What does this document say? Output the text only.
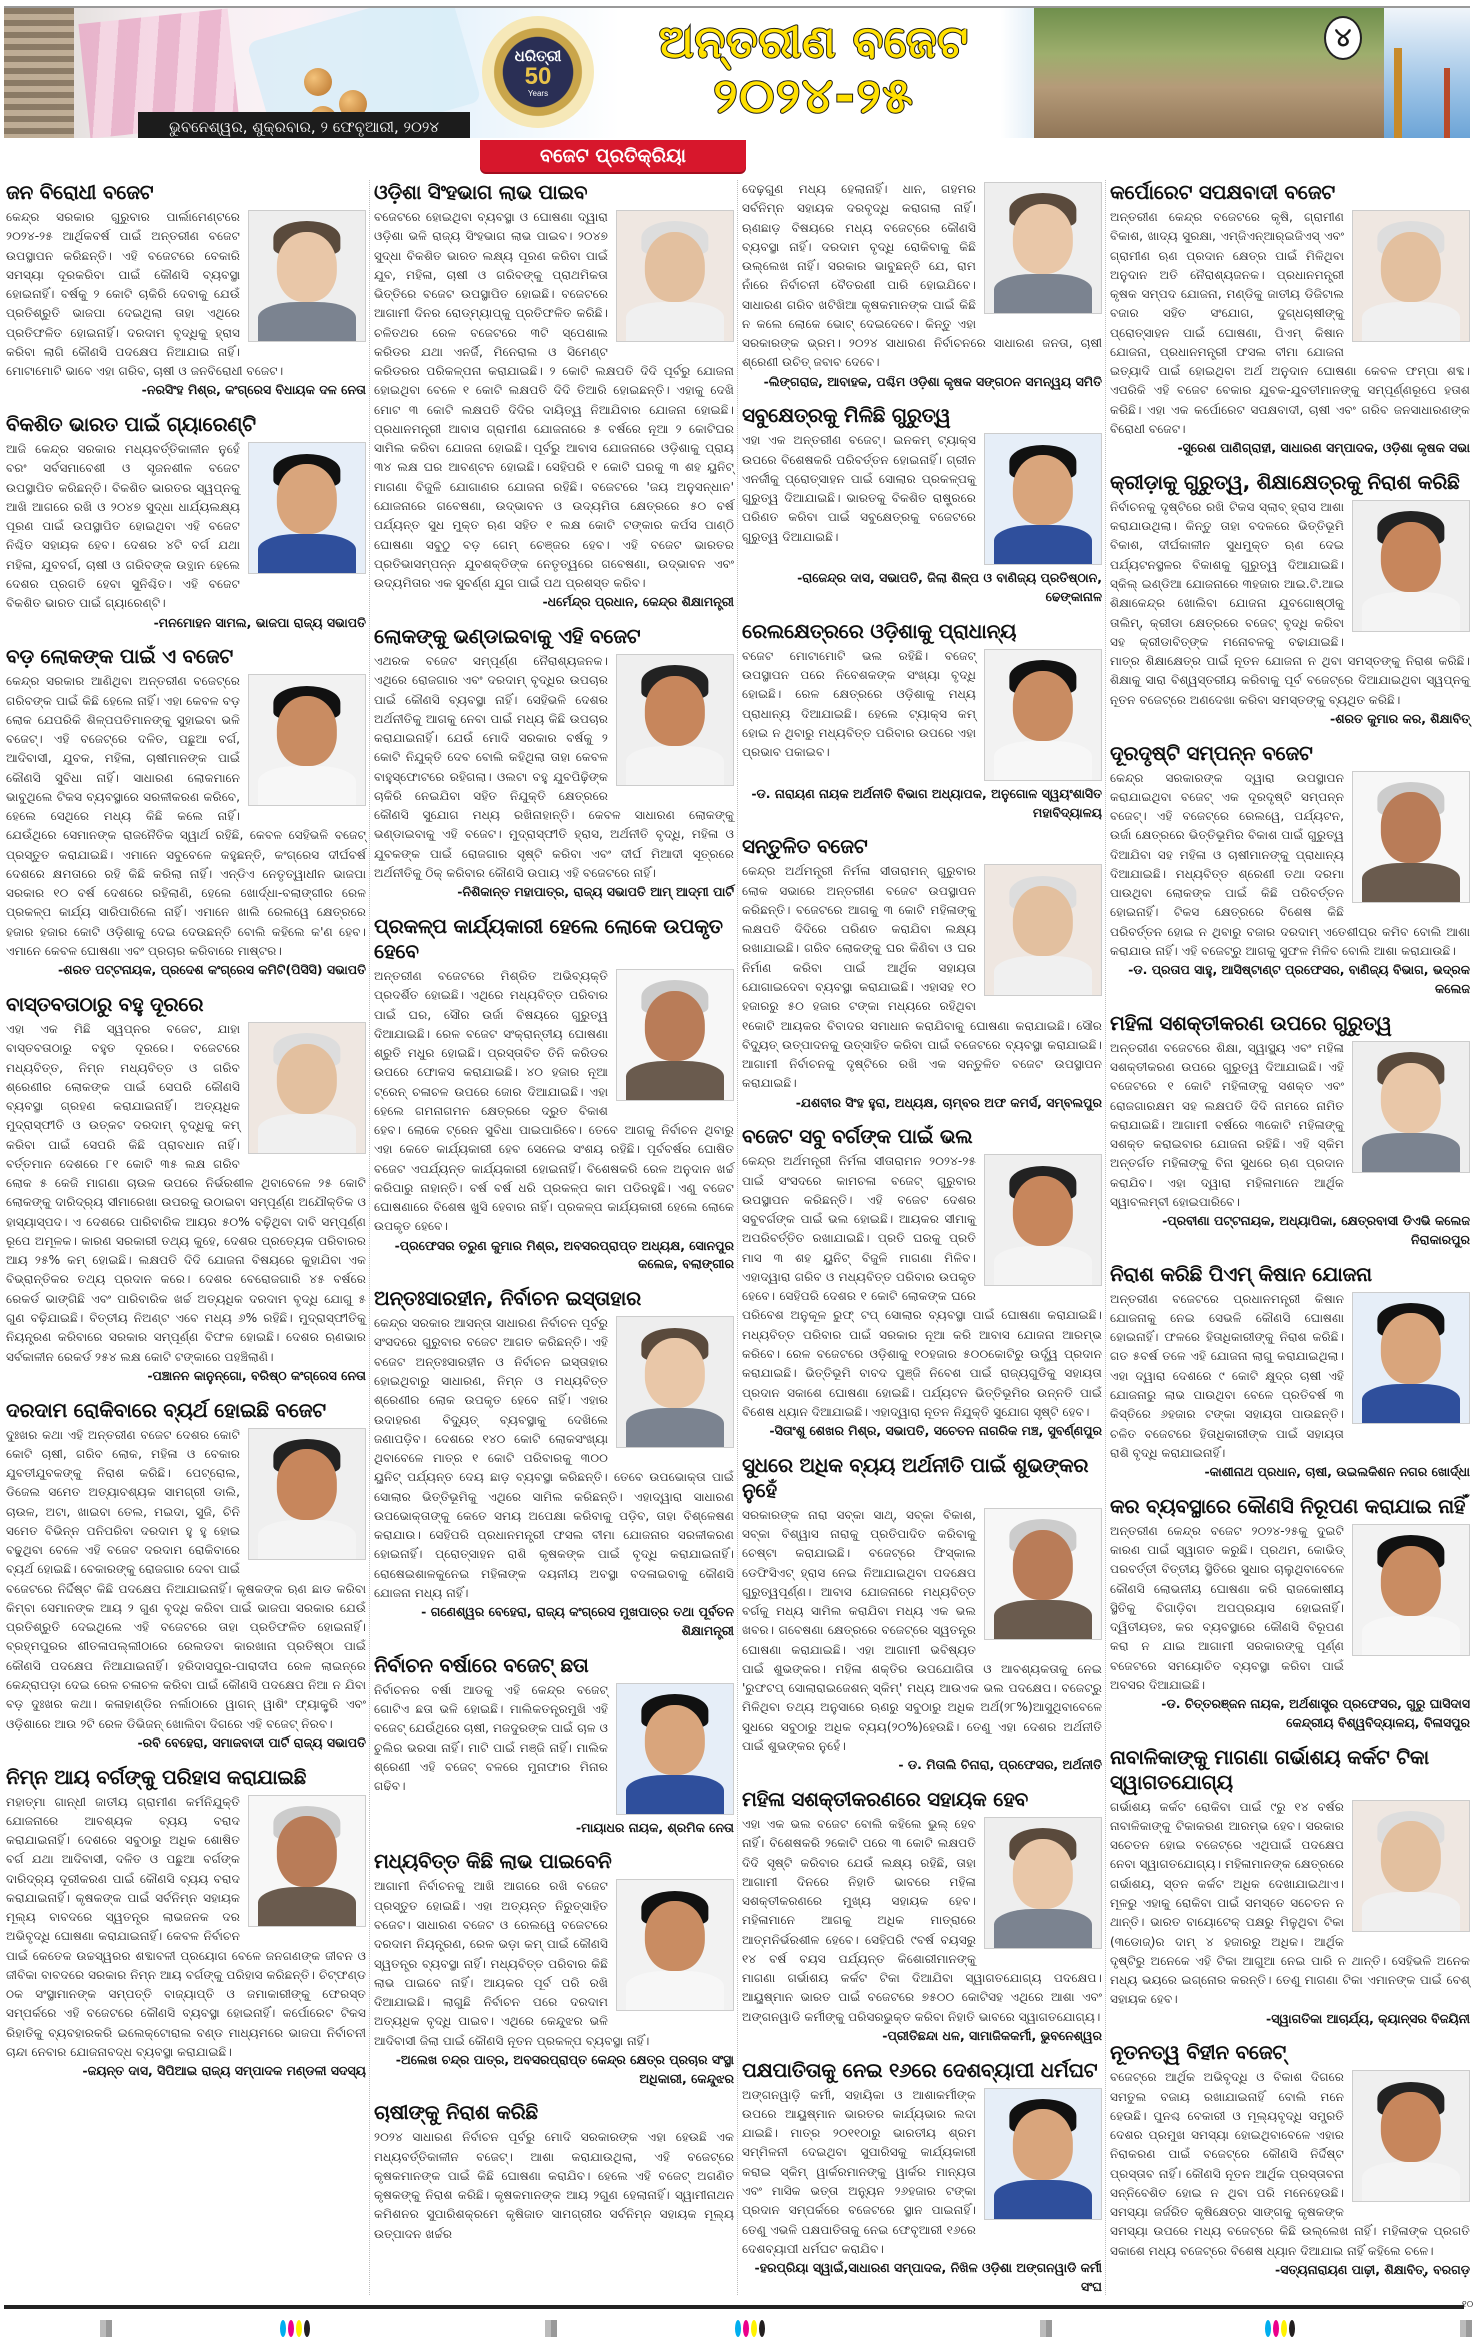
ଧରିତ୍ରୀ
50
Years
ଅନ୍ତରୀଣ ବଜେଟ
୨୦୨୪-୨୫
୪
ଭୁବନେଶ୍ୱର, ଶୁକ୍ରବାର, ୨ ଫେବୃଆରୀ, ୨୦୨୪
ବଜେଟ ପ୍ରତିକ୍ରିୟା
ଜନ ବିରୋଧୀ ବଜେଟ

କେନ୍ଦ୍ର ସରକାର ଗୁରୁବାର ପାର୍ଲାମେଣ୍ଟରେ ୨୦୨୪-୨୫ ଆର୍ଥିକବର୍ଷ ପାଇଁ ଅନ୍ତରୀଣ ବଜେଟ ଉପସ୍ଥାପନ କରିଛନ୍ତି। ଏହି ବଜେଟରେ ବେକାରି ସମସ୍ୟା ଦୂରକରିବା ପାଇଁ କୌଣସି ବ୍ୟବସ୍ଥା ହୋଇନାହିଁ। ବର୍ଷକୁ ୨ କୋଟି ଚାକିରି ଦେବାକୁ ଯେଉଁ ପ୍ରତିଶ୍ରୁତି ଭାଜପା ଦେଇଥିଲା ତାହା ଏଥିରେ ପ୍ରତିଫଳିତ ହୋଇନାହିଁ। ଦରଦାମ ବୃଦ୍ଧିକୁ ହ୍ରାସ କରିବା ଲାଗି କୌଣସି ପଦକ୍ଷେପ ନିଆଯାଇ ନାହିଁ। ମୋଟାମୋଟି ଭାବେ ଏହା ଗରିବ, ଚାଷୀ ଓ ଜନବିରୋଧୀ ବଜେଟ।

-ନରସିଂହ ମିଶ୍ର, କଂଗ୍ରେସ ବିଧାୟକ ଦଳ ନେତା
ବିକଶିତ ଭାରତ ପାଇଁ ଗ୍ୟାରେଣ୍ଟି

ଆଜି କେନ୍ଦ୍ର ସରକାର ମଧ୍ୟବର୍ତ୍ତିକାଳୀନ ନୁହେଁ ବରଂ ସର୍ବସମାବେଶୀ ଓ ସୃଜନଶୀଳ ବଜେଟ ଉପସ୍ଥାପିତ କରିଛନ୍ତି। ବିକଶିତ ଭାରତର ସ୍ୱପ୍ନକୁ ଆଖି ଆଗରେ ରଖି ଓ ୨୦୪୭ ସୁଦ୍ଧା ଧାର୍ଯ୍ୟଲକ୍ଷ୍ୟ ପୂରଣ ପାଇଁ ଉପସ୍ଥାପିତ ହୋଇଥିବା ଏହି ବଜେଟ ନିଶ୍ଚିତ ସହାୟକ ହେବ। ଦେଶର ୪ଟି ବର୍ଗ ଯଥା ମହିଳା, ଯୁବବର୍ଗ, ଚାଷୀ ଓ ଗରିବଙ୍କ ଉତ୍ଥାନ ହେଲେ ଦେଶର ପ୍ରଗତି ହେବା ସୁନିଶ୍ଚିତ। ଏହି ବଜେଟ ବିକଶିତ ଭାରତ ପାଇଁ ଗ୍ୟାରେଣ୍ଟି।

-ମନମୋହନ ସାମଲ, ଭାଜପା ରାଜ୍ୟ ସଭାପତି
ବଡ଼ ଲୋକଙ୍କ ପାଇଁ ଏ ବଜେଟ

କେନ୍ଦ୍ର ସରକାର ଆଣିଥିବା ଅନ୍ତରୀଣ ବଜେଟ୍‌ରେ ଗରିବଙ୍କ ପାଇଁ କିଛି ହେଲେ ନାହିଁ। ଏହା କେବଳ ବଡ଼ ଲୋକ ଯେପରିକି ଶିଳ୍ପପତିମାନଙ୍କୁ ସୁହାଇବା ଭଳି ବଜେଟ୍। ଏହି ବଜେଟ୍‌ରେ ଦଳିତ, ପଛୁଆ ବର୍ଗ, ଆଦିବାସୀ, ଯୁବକ, ମହିଳା, ଚାଷୀମାନଙ୍କ ପାଇଁ କୌଣସି ସୁବିଧା ନାହିଁ। ସାଧାରଣ ଲୋକମାନେ ଭାବୁଥିଲେ ଟିକସ ବ୍ୟବସ୍ଥାରେ ସରଳୀକରଣ କରିବେ, ହେଲେ ସେଥିରେ ମଧ୍ୟ କିଛି କଲେ ନାହିଁ। ଯେଉଁଥିରେ ସେମାନଙ୍କ ରାଜନୈତିକ ସ୍ୱାର୍ଥ ରହିଛି, କେବଳ ସେହିଭଳି ବଜେଟ୍ ପ୍ରସ୍ତୁତ କରାଯାଇଛି। ଏମାନେ ସବୁବେଳେ କହୁଛନ୍ତି, କଂଗ୍ରେସ ଦୀର୍ଘବର୍ଷ ଦେଶରେ କ୍ଷମତାରେ ରହି କିଛି କରିଲା ନାହିଁ। ଏନ୍‌ଡିଏ ନେତୃତ୍ୱାଧୀନ ଭାଜପା ସରକାର ୧୦ ବର୍ଷ ଦେଶରେ ରହିଲାଣି, ହେଲେ ଖୋର୍ଦ୍ଧା-ବଲାଙ୍ଗୀର ରେଳ ପ୍ରକଳ୍ପ କାର୍ଯ୍ୟ ସାରିପାରିଲେ ନାହିଁ। ଏମାନେ ଖାଲି ରେଲୱେ କ୍ଷେତ୍ରରେ ହଜାର ହଜାର କୋଟି ଓଡ଼ିଶାକୁ ଦେଇ ଦେଉଛନ୍ତି ବୋଲି କହିଲେ କ'ଣ ହେବ। ଏମାନେ କେବଳ ଘୋଷଣା ଏବଂ ପ୍ରଚାର କରିବାରେ ମାଷ୍ଟର।

-ଶରତ ପଟ୍ଟନାୟକ, ପ୍ରଦେଶ କଂଗ୍ରେସ କମିଟି(ପିସିସି) ସଭାପତି
ବାସ୍ତବତାଠାରୁ ବହୁ ଦୂରରେ

ଏହା ଏକ ମିଛି ସ୍ୱପ୍ନର ବଜେଟ, ଯାହା ବାସ୍ତବତାଠାରୁ ବହୁତ ଦୂରରେ। ବଜେଟରେ ମଧ୍ୟବିତ୍ତ, ନିମ୍ନ ମଧ୍ୟବିତ୍ତ ଓ ଗରିବ ଶ୍ରେଣୀର ଲୋକଙ୍କ ପାଇଁ ସେପରି କୌଣସି ବ୍ୟବସ୍ଥା ଗ୍ରହଣ କରାଯାଇନାହିଁ। ଅତ୍ୟଧିକ ମୁଦ୍ରାସ୍ଫୀତି ଓ ଉତ୍କଟ ଦରଦାମ୍ ବୃଦ୍ଧିକୁ କମ୍ କରିବା ପାଇଁ ସେପରି କିଛି ପ୍ରାବଧାନ ନାହିଁ। ବର୍ତ୍ତମାନ ଦେଶରେ ୮୧ କୋଟି ୩୫ ଲକ୍ଷ ଗରିବ ଲୋକ ୫ କେଜି ମାଗଣା ଚାଉଳ ଉପରେ ନିର୍ଭରଶୀଳ ଥିବାବେଳେ ୨୫ କୋଟି ଲୋକଙ୍କୁ ଦାରିଦ୍ର୍ୟ ସୀମାରେଖା ଉପରକୁ ଉଠାଇବା ସମ୍ପୂର୍ଣ୍ଣ ଅଯୌକ୍ତିକ ଓ ହାସ୍ୟାସ୍ପଦ। ଏ ଦେଶରେ ପାରିବାରିକ ଆୟର ୫୦% ବଢ଼ିଥିବା ଦାବି ସମ୍ପୂର୍ଣ୍ଣ ରୂପେ ଅମୂଳକ। କାରଣ ସରକାରୀ ତଥ୍ୟ କୁହେ, ଦେଶର ପ୍ରତ୍ୟେକ ପରିବାରର ଆୟ ୨୫% କମ୍ ହୋଇଛି। ଲକ୍ଷପତି ଦିଦି ଯୋଜନା ବିଷୟରେ କୁହାଯିବା ଏକ ବିଭ୍ରାନ୍ତିକର ତଥ୍ୟ ପ୍ରଦାନ କରେ। ଦେଶର ବେରୋଜଗାରି ୪୫ ବର୍ଷରେ ରେକର୍ଡ ଭାଙ୍ଗିଛି ଏବଂ ପାରିବାରିକ ଖର୍ଚ୍ଚ ଅତ୍ୟଧିକ ଦରଦାମ ବୃଦ୍ଧି ଯୋଗୁ ୫ ଗୁଣ ବଢ଼ିଯାଇଛି। ବିତ୍ତୀୟ ନିଅଣ୍ଟ ଏବେ ମଧ୍ୟ ୬% ରହିଛି। ମୁଦ୍ରାସ୍ଫୀତିକୁ ନିୟନ୍ତ୍ରଣ କରିବାରେ ସରକାର ସମ୍ପୂର୍ଣ୍ଣ ବିଫଳ ହୋଇଛି। ଦେଶର ଋଣଭାର ସର୍ବକାଳୀନ ରେକର୍ଡ ୨୫୪ ଲକ୍ଷ କୋଟି ଟଙ୍କାରେ ପହଞ୍ଚିଲାଣି।

-ପଞ୍ଚାନନ କାନୁନ୍‌ଗୋ, ବରିଷ୍ଠ କଂଗ୍ରେସ ନେତା
ଦରଦାମ ରୋକିବାରେ ବ୍ୟର୍ଥ ହୋଇଛି ବଜେଟ

ଦୁଃଖର କଥା ଏହି ଅନ୍ତରୀଣ ବଜେଟ ଦେଶର କୋଟି କୋଟି ଚାଷୀ, ଗରିବ ଲୋକ, ମହିଳା ଓ ବେକାର ଯୁବତୀଯୁବକଙ୍କୁ ନିରାଶ କରିଛି। ପେଟ୍ରୋଲ, ଡିଜେଲ ସମେତ ଅତ୍ୟାବଶ୍ୟକ ସାମଗ୍ରୀ ଡାଲି, ଚାଉଳ, ଅଟା, ଖାଇବା ତେଲ, ମଇଦା, ସୁଜି, ଚିନି ସମେତ ବିଭିନ୍ନ ପନିପରିବା ଦରଦାମ ହୁ ହୁ ହୋଇ ବଢୁଥିବା ବେଳେ ଏହି ବଜେଟ ଦରଦାମ ରୋକିବାରେ ବ୍ୟର୍ଥ ହୋଇଛି। ବେକାରଙ୍କୁ ରୋଜଗାର ଦେବା ପାଇଁ ବଜେଟରେ ନିର୍ଦ୍ଦିଷ୍ଟ କିଛି ପଦକ୍ଷେପ ନିଆଯାଇନାହିଁ। କୃଷକଙ୍କ ଋଣ ଛାଡ କରିବା କିମ୍ବା ସେମାନଙ୍କ ଆୟ ୨ ଗୁଣ ବୃଦ୍ଧି କରିବା ପାଇଁ ଭାଜପା ସରକାର ଯେଉଁ ପ୍ରତିଶ୍ରୁତି ଦେଇଥିଲେ ଏହି ବଜେଟରେ ତାହା ପ୍ରତିଫଳିତ ହୋଇନାହିଁ। ବ୍ରହ୍ମପୁରର ଶୀତଳାପଲ୍ଲୀଠାରେ ରେଲଡବା କାରଖାନା ପ୍ରତିଷ୍ଠା ପାଇଁ କୌଣସି ପଦକ୍ଷେପ ନିଆଯାଇନାହିଁ। ହରିଦାସପୁର-ପାରାଦୀପ ରେଳ ଲାଇନ୍‌ରେ କେନ୍ଦ୍ରାପଡ଼ା ଦେଇ ରେଳ ଚଳାଚଳ କରିବା ପାଇଁ କୌଣସି ପଦକ୍ଷେପ ନିଆ ନ ଯିବା ବଡ଼ ଦୁଃଖର କଥା। କଳାହାଣ୍ଡିର ନର୍ଲାଠାରେ ୱାଗନ୍ ୱାଶିଂ ଫ୍ୟାକ୍ଟ୍ରି ଏବଂ ଓଡ଼ିଶାରେ ଆଉ ୨ଟି ରେଳ ଡିଭିଜନ୍ ଖୋଲିବା ଦିଗରେ ଏହି ବଜେଟ୍ ନିରବ।

-ରବି ବେହେରା, ସମାଜବାଦୀ ପାର୍ଟି ରାଜ୍ୟ ସଭାପତି
ନିମ୍ନ ଆୟ ବର୍ଗଙ୍କୁ ପରିହାସ କରାଯାଇଛି

ମହାତ୍ମା ଗାନ୍ଧୀ ଜାତୀୟ ଗ୍ରାମୀଣ କର୍ମନିଯୁକ୍ତି ଯୋଜନାରେ ଆବଶ୍ୟକ ବ୍ୟୟ ବରାଦ କରାଯାଇନାହିଁ। ଦେଶରେ ସବୁଠାରୁ ଅଧିକ ଶୋଷିତ ବର୍ଗ ଯଥା ଆଦିବାସୀ, ଦଳିତ ଓ ପଛୁଆ ବର୍ଗଙ୍କ ଦାରିଦ୍ର୍ୟ ଦୂରୀକରଣ ପାଇଁ କୌଣସି ବ୍ୟୟ ବରାଦ କରାଯାଇନାହିଁ। କୃଷକଙ୍କ ପାଇଁ ସର୍ବନିମ୍ନ ସହାୟକ ମୂଲ୍ୟ ବାବଦରେ ସ୍ୱତନ୍ତ୍ର ଲାଭଜନକ ଦର ଅଭିବୃଦ୍ଧି ଘୋଷଣା କରାଯାଇନାହିଁ। କେବଳ ନିର୍ବାଚନ ପାଇଁ କେତେକ ଉଚ୍ଚସ୍ୱରର ଶବ୍ଦାବଳୀ ପ୍ରୟୋଗ ବେଳେ ଜନଗଣଙ୍କ ଜୀବନ ଓ ଜୀବିକା ବାବଦରେ ସରକାର ନିମ୍ନ ଆୟ ବର୍ଗଙ୍କୁ ପରିହାସ କରିଛନ୍ତି। ଚିଟ୍‌ଫଣ୍ଡ ଠକ ସଂସ୍ଥାମାନଙ୍କ ସମ୍ପତ୍ତି ବାଜ୍ୟାପ୍ତି ଓ ଜମାକାରୀଙ୍କୁ ଫେରସ୍ତ ସମ୍ପର୍କରେ ଏହି ବଜେଟରେ କୌଣସି ବ୍ୟବସ୍ଥା ହୋଇନାହିଁ। କର୍ପୋରେଟ ଟିକସ ରିହାତିକୁ ବ୍ୟବହାରକରି ଇଲେକ୍ଟୋରାଲ ବଣ୍ଡ ମାଧ୍ୟମରେ ଭାଜପା ନିର୍ବାଚନୀ ଚାନ୍ଦା ନେବାର ଯୋଜନାବଦ୍ଧ ବ୍ୟବସ୍ଥା କରାଯାଇଛି।

-ଜୟନ୍ତ ଦାସ, ସିପିଆଇ ରାଜ୍ୟ ସମ୍ପାଦକ ମଣ୍ଡଳୀ ସଦସ୍ୟ
ଓଡ଼ିଶା ସିଂହଭାଗ ଲାଭ ପାଇବ

ବଜେଟରେ ହୋଇଥିବା ବ୍ୟବସ୍ଥା ଓ ଘୋଷଣା ଦ୍ୱାରା ଓଡ଼ିଶା ଭଳି ରାଜ୍ୟ ସିଂହଭାଗ ଲାଭ ପାଇବ। ୨୦୪୭ ସୁଦ୍ଧା ବିକଶିତ ଭାରତ ଲକ୍ଷ୍ୟ ପୂରଣ କରିବା ପାଇଁ ଯୁବ, ମହିଳା, ଚାଷୀ ଓ ଗରିବଙ୍କୁ ପ୍ରାଥମିକତା ଭିତ୍ତିରେ ବଜେଟ ଉପସ୍ଥାପିତ ହୋଇଛି। ବଜେଟରେ ଆଗାମୀ ଦିନର ରୋଡ୍‌ମ୍ୟାପ୍‌କୁ ପ୍ରତିଫଳିତ କରିଛି। ଚଳିତଥର ରେଳ ବଜେଟରେ ୩ଟି ସ୍ପେଶାଲ କରିଡର ଯଥା ଏନର୍ଜି, ମିନେରାଲ ଓ ସିମେଣ୍ଟ କରିଡରର ପରିକଳ୍ପନା କରାଯାଇଛି। ୨ କୋଟି ଲକ୍ଷପତି ଦିଦି ପୂର୍ବରୁ ଯୋଜନା ହୋଇଥିବା ବେଳେ ୧ କୋଟି ଲକ୍ଷପତି ଦିଦି ତିଆରି ହୋଇଛନ୍ତି। ଏହାକୁ ଦେଖି ମୋଟ ୩ କୋଟି ଲକ୍ଷପତି ଦିଦିର ଦାୟିତ୍ୱ ନିଆଯିବାର ଯୋଜନା ହୋଇଛି। ପ୍ରଧାନମନ୍ତ୍ରୀ ଆବାସ ଗ୍ରାମୀଣ ଯୋଜନାରେ ୫ ବର୍ଷରେ ନୂଆ ୨ କୋଟିଘର ସାମିଲ କରିବା ଯୋଜନା ହୋଇଛି। ପୂର୍ବରୁ ଆବାସ ଯୋଜନାରେ ଓଡ଼ିଶାକୁ ପ୍ରାୟ ୩୪ ଲକ୍ଷ ଘର ଆବଣ୍ଟନ ହୋଇଛି। ସେହିପରି ୧ କୋଟି ଘରକୁ ୩ ଶହ ୟୁନିଟ୍ ମାଗଣା ବିଜୁଳି ଯୋଗାଣର ଯୋଜନା ରହିଛି। ବଜେଟରେ 'ଜୟ ଅନୁସନ୍ଧାନ' ଯୋଜନାରେ ଗବେଷଣା, ଉଦ୍ଭାବନ ଓ ଉଦ୍ୟମିତା କ୍ଷେତ୍ରରେ ୫୦ ବର୍ଷ ପର୍ଯ୍ୟନ୍ତ ସୁଧ ମୁକ୍ତ ଋଣ ସହିତ ୧ ଲକ୍ଷ କୋଟି ଟଙ୍କାର କର୍ପସ ପାଣ୍ଠି ଘୋଷଣା ସବୁଠୁ ବଡ଼ ଗେମ୍ ଚେଞ୍ଜର ହେବ। ଏହି ବଜେଟ ଭାରତର ପ୍ରତିଭାସମ୍ପନ୍ନ ଯୁବଶକ୍ତିଙ୍କ ନେତୃତ୍ୱରେ ଗବେଷଣା, ଉଦ୍ଭାବନ ଏବଂ ଉଦ୍ୟମିତାର ଏକ ସୁବର୍ଣ୍ଣ ଯୁଗ ପାଇଁ ପଥ ପ୍ରଶସ୍ତ କରିବ।

-ଧର୍ମେନ୍ଦ୍ର ପ୍ରଧାନ, କେନ୍ଦ୍ର ଶିକ୍ଷାମନ୍ତ୍ରୀ
ଲୋକଙ୍କୁ ଭଣ୍ଡାଇବାକୁ ଏହି ବଜେଟ

ଏଥରକ ବଜେଟ ସମ୍ପୂର୍ଣ୍ଣ ନୈରାଶ୍ୟଜନକ। ଏଥିରେ ରୋଜଗାର ଏବଂ ଦରଦାମ୍ ବୃଦ୍ଧିର ଉପଚାର ପାଇଁ କୌଣସି ବ୍ୟବସ୍ଥା ନାହିଁ। ସେହିଭଳି ଦେଶର ଅର୍ଥନୀତିକୁ ଆଗକୁ ନେବା ପାଇଁ ମଧ୍ୟ କିଛି ଉପଚାର କରାଯାଇନାହିଁ। ଯେଉଁ ମୋଦି ସରକାର ବର୍ଷକୁ ୨ କୋଟି ନିଯୁକ୍ତି ଦେବ ବୋଲି କହିଥିଲା ତାହା କେବଳ ବାହୁସ୍ଫୋଟରେ ରହିଗଲା। ଓଲଟା ବହୁ ଯୁବପିଢ଼ିଙ୍କ ଚାକିରି ନେଇଯିବା ସହିତ ନିଯୁକ୍ତି କ୍ଷେତ୍ରରେ କୌଣସି ସୁଯୋଗ ମଧ୍ୟ ରଖିନାହାନ୍ତି। କେବଳ ସାଧାରଣ ଲୋକଙ୍କୁ ଭଣ୍ଡାଇବାକୁ ଏହି ବଜେଟ। ମୁଦ୍ରାସ୍ଫୀତି ହ୍ରାସ, ଅର୍ଥନୀତି ବୃଦ୍ଧି, ମହିଳା ଓ ଯୁବକଙ୍କ ପାଇଁ ରୋଜଗାର ସୃଷ୍ଟି କରିବା ଏବଂ ଦୀର୍ଘ ମିଆଦୀ ସୂତ୍ରରେ ଅର୍ଥନୀତିକୁ ଠିକ୍ କରିବାର କୌଣସି ଉପାୟ ଏହି ବଜେଟରେ ନାହିଁ।

-ନିଶିକାନ୍ତ ମହାପାତ୍ର, ରାଜ୍ୟ ସଭାପତି ଆମ୍ ଆଦ୍‌ମୀ ପାର୍ଟି
ପ୍ରକଳ୍ପ କାର୍ଯ୍ୟକାରୀ ହେଲେ ଲୋକେ ଉପକୃତ ହେବେ

ଅନ୍ତରୀଣ ବଜେଟରେ ମିଶ୍ରିତ ଅଭିବ୍ୟକ୍ତି ପ୍ରଦର୍ଶିତ ହୋଇଛି। ଏଥିରେ ମଧ୍ୟବିତ୍ତ ପରିବାର ପାଇଁ ଘର, ସୌର ଉର୍ଜା ବିଷୟରେ ଗୁରୁତ୍ୱ ଦିଆଯାଇଛି। ରେଳ ବଜେଟ ସଂକ୍ରାନ୍ତୀୟ ଘୋଷଣା ଶ୍ରୁତି ମଧୁର ହୋଇଛି। ପ୍ରସ୍ତାବିତ ତିନି କରିଡର ଉପରେ ଫୋକସ କରାଯାଇଛି। ୪୦ ହଜାର ନୂଆ ଟ୍ରେନ୍ ଚଳାଚଳ ଉପରେ ଜୋର ଦିଆଯାଇଛି। ଏହା ହେଲେ ଗମନାଗମନ କ୍ଷେତ୍ରରେ ଦ୍ରୁତ ବିକାଶ ହେବ। ଲୋକେ ଟ୍ରେନ ସୁବିଧା ପାଇପାରିବେ। ତେବେ ଆଗକୁ ନିର୍ବାଚନ ଥିବାରୁ ଏହା କେତେ କାର୍ଯ୍ୟକାରୀ ହେବ ସେନେଇ ସଂଶୟ ରହିଛି। ପୂର୍ବବର୍ଷର ଘୋଷିତ ବଜେଟ ଏପର୍ଯ୍ୟନ୍ତ କାର୍ଯ୍ୟକାରୀ ହୋଇନାହିଁ। ବିଶେଷକରି ରେଳ ଅନୁଦାନ ଖର୍ଚ୍ଚ କରିପାରୁ ନାହାନ୍ତି। ବର୍ଷ ବର୍ଷ ଧରି ପ୍ରକଳ୍ପ କାମ ପଡିରହୁଛି। ଏଣୁ ବଜେଟ ଘୋଷଣାରେ ବିଶେଷ ଖୁସି ହେବାର ନାହିଁ। ପ୍ରକଳ୍ପ କାର୍ଯ୍ୟକାରୀ ହେଲେ ଲୋକେ ଉପକୃତ ହେବେ।

-ପ୍ରଫେସର ତରୁଣ କୁମାର ମିଶ୍ର, ଅବସରପ୍ରାପ୍ତ ଅଧ୍ୟକ୍ଷ, ସୋନପୁର କଲେଜ, ବଲାଙ୍ଗୀର
ଅନ୍ତଃସାରହୀନ, ନିର୍ବାଚନ ଇସ୍ତାହାର

କେନ୍ଦ୍ର ସରକାର ଆସନ୍ତା ସାଧାରଣ ନିର୍ବାଚନ ପୂର୍ବରୁ ସଂସଦରେ ଗୁରୁବାର ବଜେଟ ଆଗତ କରିଛନ୍ତି। ଏହି ବଜେଟ ଅନ୍ତଃସାରହୀନ ଓ ନିର୍ବାଚନ ଇସ୍ତାହାର ହୋଇଥିବାରୁ ସାଧାରଣ, ନିମ୍ନ ଓ ମଧ୍ୟବିତ୍ତ ଶ୍ରେଣୀର ଲୋକ ଉପକୃତ ହେବେ ନାହିଁ। ଏହାର ଉଦାହରଣ ବିଦ୍ୟୁତ୍ ବ୍ୟବସ୍ଥାକୁ ଦେଖିଲେ ଜଣାପଡ଼ିବ। ଦେଶରେ ୧୪୦ କୋଟି ଲୋକସଂଖ୍ୟା ଥିବାବେଳେ ମାତ୍ର ୧ କୋଟି ପରିବାରକୁ ୩୦୦ ୟୁନିଟ୍ ପର୍ଯ୍ୟନ୍ତ ଦେୟ ଛାଡ଼ ବ୍ୟବସ୍ଥା କରିଛନ୍ତି। ତେବେ ଉପଭୋକ୍ତା ପାଇଁ ସୋଲାର ଭିତ୍ତିଭୂମିକୁ ଏଥିରେ ସାମିଲ କରିଛନ୍ତି। ଏହାଦ୍ୱାରା ସାଧାରଣ ଉପଭୋକ୍ତାଙ୍କୁ କେତେ ସମୟ ଅପେକ୍ଷା କରିବାକୁ ପଡ଼ିବ, ତାହା ବିଶ୍ଳେଷଣ କରାଯାଉ। ସେହିପରି ପ୍ରଧାନମନ୍ତ୍ରୀ ଫସଲ ବୀମା ଯୋଜନାର ସରଳୀକରଣ ହୋଇନାହିଁ। ପ୍ରୋତ୍ସାହନ ରାଶି କୃଷକଙ୍କ ପାଇଁ ବୃଦ୍ଧି କରାଯାଇନାହିଁ। ରୋଷେଇଶାଳକୁନେଇ ମହିଳାଙ୍କ ଦୟନୀୟ ଅବସ୍ଥା ବଦଳାଇବାକୁ କୌଣସି ଯୋଜନା ମଧ୍ୟ ନାହିଁ।

- ଗଣେଶ୍ୱର ବେହେରା, ରାଜ୍ୟ କଂଗ୍ରେସ ମୁଖପାତ୍ର ତଥା ପୂର୍ବତନ ଶିକ୍ଷାମନ୍ତ୍ରୀ
ନିର୍ବାଚନ ବର୍ଷାରେ ବଜେଟ୍ ଛତା

ନିର୍ବାଚନର ବର୍ଷା ଆଡକୁ ଏହି କେନ୍ଦ୍ର ବଜେଟ୍ ଗୋଟିଏ ଛତା ଭଳି ହୋଇଛି। ମାଲିକତନ୍ତ୍ରମୁଖି ଏହି ବଜେଟ୍ ଯେଉଁଥିରେ ଚାଷୀ, ମଜଦୁରଙ୍କ ପାଇଁ ଚାଳ ଓ ଚୁଲିର ଭରସା ନାହିଁ। ମାଟି ପାଇଁ ମଞ୍ଜି ନାହିଁ। ମାଲିକ ଶ୍ରେଣୀ ଏହି ବଜେଟ୍ ବଳରେ ମୁନାଫାର ମିନାର ଗଢିବ।

-ମାୟାଧର ନାୟକ, ଶ୍ରମିକ ନେତା
ମଧ୍ୟବିତ୍ତ କିଛି ଲାଭ ପାଇବେନି

ଆଗାମୀ ନିର୍ବାଚନକୁ ଆଖି ଆଗରେ ରଖି ବଜେଟ ପ୍ରସ୍ତୁତ ହୋଇଛି। ଏହା ଅତ୍ୟନ୍ତ ନିରୁତ୍ସାହିତ ବଜେଟ। ସାଧାରଣ ବଜେଟ ଓ ରେଲୱେ ବଜେଟରେ ଦରଦାମ ନିୟନ୍ତ୍ରଣ, ରେଳ ଭଡ଼ା କମ୍ ପାଇଁ କୌଣସି ସ୍ୱତନ୍ତ୍ର ବ୍ୟବସ୍ଥା ନାହିଁ। ମଧ୍ୟବିତ୍ତ ପରିବାର କିଛି ଲାଭ ପାଇବେ ନାହିଁ। ଆୟକର ପୂର୍ବ ପରି ରଖି ଦିଆଯାଇଛି। ଲାଗୁଛି ନିର୍ବାଚନ ପରେ ଦରଦାମ ଅତ୍ୟଧିକ ବୃଦ୍ଧି ପାଇବ। ଏଥିରେ କେନ୍ଦୁଝର ଭଳି ଆଦିବାସୀ ଜିଲା ପାଇଁ କୌଣସି ନୂତନ ପ୍ରକଳ୍ପ ବ୍ୟବସ୍ଥା ନାହିଁ।

-ଅଲେଖ ଚନ୍ଦ୍ର ପାତ୍ର, ଅବସରପ୍ରାପ୍ତ କେନ୍ଦ୍ର କ୍ଷେତ୍ର ପ୍ରଚାର ସଂସ୍ଥା ଅଧିକାରୀ, କେନ୍ଦୁଝର
ଚାଷୀଙ୍କୁ ନିରାଶ କରିଛି

୨୦୨୪ ସାଧାରଣ ନିର୍ବାଚନ ପୂର୍ବରୁ ମୋଦି ସରକାରଙ୍କ ଏହା ହେଉଛି ଏକ ମଧ୍ୟବର୍ତ୍ତିକାଳୀନ ବଜେଟ୍। ଆଶା କରାଯାଉଥିଲା, ଏହି ବଜେଟ୍‌ରେ କୃଷକମାନଙ୍କ ପାଇଁ କିଛି ଘୋଷଣା କରାଯିବ। ହେଲେ ଏହି ବଜେଟ୍ ଅଗଣିତ କୃଷକଙ୍କୁ ନିରାଶ କରିଛି। କୃଷକମାନଙ୍କ ଆୟ ୨ଗୁଣ ହେଲାନାହିଁ। ସ୍ୱାମୀନାଥନ କମିଶନର ସୁପାରିଶକ୍ରମେ କୃଷିଜାତ ସାମଗ୍ରୀର ସର୍ବନିମ୍ନ ସହାୟକ ମୂଲ୍ୟ ଉତ୍ପାଦନ ଖର୍ଚ୍ଚର

ଦେଢ଼ଗୁଣ ମଧ୍ୟ ହେଲାନାହିଁ। ଧାନ, ଗହମର ସର୍ବନିମ୍ନ ସହାୟକ ଦରବୃଦ୍ଧି କରାଗଲା ନାହିଁ। ଋଣଛାଡ଼ ବିଷୟରେ ମଧ୍ୟ ବଜେଟ୍‌ରେ କୌଣସି ବ୍ୟବସ୍ଥା ନାହିଁ। ଦରଦାମ ବୃଦ୍ଧି ରୋକିବାକୁ କିଛି ଉଲ୍ଲେଖ ନାହିଁ। ସରକାର ଭାବୁଛନ୍ତି ଯେ, ରାମ ନାଁରେ ନିର୍ବାଚନୀ ବୈତରଣୀ ପାରି ହୋଇଯିବେ। ସାଧାରଣ ଗରିବ ଖଟିଖିଆ କୃଷକମାନଙ୍କ ପାଇଁ କିଛି ନ କଲେ ଲୋକେ ଭୋଟ୍ ଦେଇଦେବେ। କିନ୍ତୁ ଏହା ସରକାରଙ୍କ ଭ୍ରମ। ୨୦୨୪ ସାଧାରଣ ନିର୍ବାଚନରେ ସାଧାରଣ ଜନତା, ଚାଷୀ ଶ୍ରେଣୀ ଉଚିତ୍ ଜବାବ ଦେବେ।

-ଲିଙ୍ଗରାଜ, ଆବାହକ, ପଶ୍ଚିମ ଓଡ଼ିଶା କୃଷକ ସଙ୍ଗଠନ ସମନ୍ୱୟ ସମିତି
ସବୁକ୍ଷେତ୍ରକୁ ମିଳିଛି ଗୁରୁତ୍ୱ

ଏହା ଏକ ଅନ୍ତରୀଣ ବଜେଟ୍। ଇନକମ୍ ଟ୍ୟାକ୍ସ ଉପରେ ବିଶେଷକରି ପରିବର୍ତ୍ତନ ହୋଇନାହିଁ। ଗ୍ରୀନ ଏନର୍ଜୀକୁ ପ୍ରୋତ୍ସାହନ ପାଇଁ ସୋଲାର ପ୍ରକଳ୍ପକୁ ଗୁରୁତ୍ୱ ଦିଆଯାଇଛି। ଭାରତକୁ ବିକଶିତ ରାଷ୍ଟ୍ରରେ ପରିଣତ କରିବା ପାଇଁ ସବୁକ୍ଷେତ୍ରକୁ ବଜେଟରେ ଗୁରୁତ୍ୱ ଦିଆଯାଇଛି।

-ରାଜେନ୍ଦ୍ର ଦାସ, ସଭାପତି, ଜିଲା ଶିଳ୍ପ ଓ ବାଣିଜ୍ୟ ପ୍ରତିଷ୍ଠାନ, ଢେଙ୍କାନାଳ
ରେଲକ୍ଷେତ୍ରରେ ଓଡ଼ିଶାକୁ ପ୍ରାଧାନ୍ୟ

ବଜେଟ ମୋଟାମୋଟି ଭଲ ରହିଛି। ବଜେଟ୍ ଉପସ୍ଥାପନ ପରେ ନିବେଶକଙ୍କ ସଂଖ୍ୟା ବୃଦ୍ଧି ହୋଇଛି। ରେଳ କ୍ଷେତ୍ରରେ ଓଡ଼ିଶାକୁ ମଧ୍ୟ ପ୍ରାଧାନ୍ୟ ଦିଆଯାଇଛି। ହେଲେ ଟ୍ୟାକ୍ସ କମ୍ ହୋଇ ନ ଥିବାରୁ ମଧ୍ୟବିତ୍ତ ପରିବାର ଉପରେ ଏହା ପ୍ରଭାବ ପକାଇବ।

-ଡ. ନାରାୟଣ ନାୟକ ଅର୍ଥନୀତି ବିଭାଗ ଅଧ୍ୟାପକ, ଅନୁଗୋଳ ସ୍ୱୟଂଶାସିତ ମହାବିଦ୍ୟାଳୟ
ସନ୍ତୁଳିତ ବଜେଟ

କେନ୍ଦ୍ର ଅର୍ଥମନ୍ତ୍ରୀ ନିର୍ମଳା ସୀତାରାମନ୍ ଗୁରୁବାର ଲୋକ ସଭାରେ ଅନ୍ତରୀଣ ବଜେଟ ଉପସ୍ଥାପନ କରିଛନ୍ତି। ବଜେଟରେ ଆଗକୁ ୩ କୋଟି ମହିଳାଙ୍କୁ ଲକ୍ଷପତି ଦିଦିରେ ପରିଣତ କରାଯିବା ଲକ୍ଷ୍ୟ ରଖାଯାଇଛି। ଗରିବ ଲୋକଙ୍କୁ ଘର କିଣିବା ଓ ଘର ନିର୍ମାଣ କରିବା ପାଇଁ ଆର୍ଥିକ ସହାୟତା ଯୋଗାଇଦେବା ବ୍ୟବସ୍ଥା କରାଯାଇଛି। ଏହାସହ ୧୦ ହଜାରରୁ ୫୦ ହଜାର ଟଙ୍କା ମଧ୍ୟରେ ରହିଥିବା ୧କୋଟି ଆୟକର ବିବାଦର ସମାଧାନ କରାଯିବାକୁ ଘୋଷଣା କରାଯାଇଛି। ସୌର ବିଦ୍ୟୁତ୍ ଉତ୍ପାଦନକୁ ଉତ୍ସାହିତ କରିବା ପାଇଁ ବଜେଟରେ ବ୍ୟବସ୍ଥା କରାଯାଇଛି। ଆଗାମୀ ନିର୍ବାଚନକୁ ଦୃଷ୍ଟିରେ ରଖି ଏକ ସନ୍ତୁଳିତ ବଜେଟ ଉପସ୍ଥାପନ କରାଯାଇଛି।

-ଯଶବୀର ସିଂହ ହୁରା, ଅଧ୍ୟକ୍ଷ, ଚାମ୍ବର ଅଫ କମର୍ସ, ସମ୍ବଲପୁର
ବଜେଟ ସବୁ ବର୍ଗଙ୍କ ପାଇଁ ଭଲ

କେନ୍ଦ୍ର ଅର୍ଥମନ୍ତ୍ରୀ ନିର୍ମଳା ସୀତାରାମନ ୨୦୨୪-୨୫ ପାଇଁ ସଂସଦରେ କାମଚଳା ବଜେଟ୍ ଗୁରୁବାର ଉପସ୍ଥାପନ କରିଛନ୍ତି। ଏହି ବଜେଟ ଦେଶର ସବୁବର୍ଗଙ୍କ ପାଇଁ ଭଲ ହୋଇଛି। ଆୟକର ସୀମାକୁ ଅପରିବର୍ତ୍ତିତ ରଖାଯାଇଛି। ପ୍ରତି ଘରକୁ ପ୍ରତି ମାସ ୩ ଶହ ୟୁନିଟ୍ ବିଜୁଳି ମାଗଣା ମିଳିବ। ଏହାଦ୍ୱାରା ଗରିବ ଓ ମଧ୍ୟବିତ୍ତ ପରିବାର ଉପକୃତ ହେବେ। ସେହିପରି ଦେଶର ୧ କୋଟି ଲୋକଙ୍କ ଘରେ ପରିବେଶ ଅନୁକୂଳ ରୁଫ୍ ଟପ୍ ସୋଲାର ବ୍ୟବସ୍ଥା ପାଇଁ ଘୋଷଣା କରାଯାଇଛି। ମଧ୍ୟବିତ୍ତ ପରିବାର ପାଇଁ ସରକାର ନୂଆ କରି ଆବାସ ଯୋଜନା ଆରମ୍ଭ କରିବେ। ରେଳ ବଜେଟରେ ଓଡ଼ିଶାକୁ ୧୦ହଜାର ୫୦୦କୋଟିରୁ ଉର୍ଦ୍ଧ୍ୱ ପ୍ରଦାନ କରାଯାଇଛି। ଭିତ୍ତିଭୂମି ବାବଦ ପୁଞ୍ଜି ନିବେଶ ପାଇଁ ରାଜ୍ୟଗୁଡିକୁ ସହାୟତା ପ୍ରଦାନ ସକାଶେ ଘୋଷଣା ହୋଇଛି। ପର୍ଯ୍ୟଟନ ଭିତ୍ତିଭୂମିର ଉନ୍ନତି ପାଇଁ ବିଶେଷ ଧ୍ୟାନ ଦିଆଯାଇଛି। ଏହାଦ୍ୱାରା ନୂତନ ନିଯୁକ୍ତି ସୁଯୋଗ ସୃଷ୍ଟି ହେବ।

-ସିତାଂଶୁ ଶେଖର ମିଶ୍ର, ସଭାପତି, ସଚେତନ ନାଗରିକ ମଞ୍ଚ, ସୁବର୍ଣ୍ଣପୁର
ସୁଧରେ ଅଧିକ ବ୍ୟୟ ଅର୍ଥନୀତି ପାଇଁ ଶୁଭଙ୍କର ନୁହେଁ

ସରକାରଙ୍କ ନାରା ସବ୍‌କା ସାଥ୍, ସବ୍‌କା ବିକାଶ, ସବ୍‌କା ବିଶ୍ୱାସ ନାରାକୁ ପ୍ରତିପାଦିତ କରିବାକୁ ଚେଷ୍ଟା କରାଯାଇଛି। ବଜେଟ୍‌ରେ ଫିସ୍‌କାଲ ଡେଫିସିଏଟ୍ ହ୍ରାସ ନେଇ ନିଆଯାଇଥିବା ପଦକ୍ଷେପ ଗୁରୁତ୍ୱପୂର୍ଣ୍ଣ। ଆବାସ ଯୋଜନାରେ ମଧ୍ୟବିତ୍ତ ବର୍ଗକୁ ମଧ୍ୟ ସାମିଲ କରାଯିବା ମଧ୍ୟ ଏକ ଭଲ ଖବର। ଗବେଷଣା କ୍ଷେତ୍ରରେ ବଜେଟ୍‌ରେ ସ୍ୱତନ୍ତ୍ର ଘୋଷଣା କରାଯାଇଛି। ଏହା ଆଗାମୀ ଭବିଷ୍ୟତ ପାଇଁ ଶୁଭଙ୍କର। ମହିଳା ଶକ୍ତିର ଉପଯୋଗିତା ଓ ଆବଶ୍ୟକତାକୁ ନେଇ 'ରୁଫଟପ୍ ସୋଲାରାଇଜେଶନ୍ ସ୍କିମ୍' ମଧ୍ୟ ଆଉଏକ ଭଲ ପଦକ୍ଷେପ। ବଜେଟ୍‌ରୁ ମିଳିଥିବା ତଥ୍ୟ ଅନୁସାରେ ଋଣରୁ ସବୁଠାରୁ ଅଧିକ ଅର୍ଥ(୨୮%)ଆସୁଥିବାବେଳେ ସୁଧରେ ସବୁଠାରୁ ଅଧିକ ବ୍ୟୟ(୨୦%)ହେଉଛି। ତେଣୁ ଏହା ଦେଶର ଅର୍ଥନୀତି ପାଇଁ ଶୁଭଙ୍କର ନୁହେଁ।

- ଡ. ମିତାଲି ଚିନାରା, ପ୍ରଫେସର, ଅର୍ଥନୀତି
ମହିଳା ସଶକ୍ତୀକରଣରେ ସହାୟକ ହେବ

ଏହା ଏକ ଭଲ ବଜେଟ ବୋଲି କହିଲେ ଭୁଲ୍ ହେବ ନାହିଁ। ବିଶେଷକରି ୨କୋଟି ପରେ ୩ କୋଟି ଲକ୍ଷପତି ଦିଦି ସୃଷ୍ଟି କରିବାର ଯେଉଁ ଲକ୍ଷ୍ୟ ରହିଛି, ତାହା ଆଗାମୀ ଦିନରେ ନିହାତି ଭାବରେ ମହିଳା ସଶକ୍ତୀକରଣରେ ମୁଖ୍ୟ ସହାୟକ ହେବ। ମହିଳାମାନେ ଆଗକୁ ଅଧିକ ମାତ୍ରାରେ ଆତ୍ମନିର୍ଭରଶୀଳ ହେବେ। ସେହିପରି ୯ବର୍ଷ ବୟସରୁ ୧୪ ବର୍ଷ ବୟସ ପର୍ଯ୍ୟନ୍ତ କିଶୋରୀମାନଙ୍କୁ ମାଗଣା ଗର୍ଭାଶୟ କର୍କଟ ଟିକା ଦିଆଯିବା ସ୍ୱାଗତଯୋଗ୍ୟ ପଦକ୍ଷେପ। ଆୟୁଷ୍ମାନ ଭାରତ ପାଇଁ ବଜେଟରେ ୭୫୦୦ କୋଟିସହ ଏଥିରେ ଆଶା ଏବଂ ଅଙ୍ଗନୱାଡି କର୍ମୀଙ୍କୁ ପରିସରଭୁକ୍ତ କରିବା ନିହାତି ଭାବରେ ସ୍ୱାଗତଯୋଗ୍ୟ।

-ପ୍ରୀତିଛନ୍ଦା ଧଳ, ସାମାଜିକକର୍ମୀ, ଭୁବନେଶ୍ୱର
ପକ୍ଷପାତିତାକୁ ନେଇ ୧୬ରେ ଦେଶବ୍ୟାପୀ ଧର୍ମଘଟ

ଅଙ୍ଗନୱାଡ଼ି କର୍ମୀ, ସହାୟିକା ଓ ଆଶାକର୍ମୀଙ୍କ ଉପରେ ଆୟୁଷ୍ମାନ ଭାରତର କାର୍ଯ୍ୟଭାର ଲଦା ଯାଇଛି। ମାତ୍ର ୨୦୧୧ଠାରୁ ଭାରତୀୟ ଶ୍ରମ ସମ୍ମିଳନୀ ଦେଇଥିବା ସୁପାରିସକୁ କାର୍ଯ୍ୟକାରୀ କରାଇ ସ୍କିମ୍ ୱାର୍କରମାନଙ୍କୁ ୱାର୍କର ମାନ୍ୟତା ଏବଂ ମାସିକ ଭତ୍ତା ଅନ୍ୟୁନ ୨୬ହଜାର ଟଙ୍କା ପ୍ରଦାନ ସମ୍ପର୍କରେ ବଜେଟରେ ସ୍ଥାନ ପାଇନାହିଁ। ତେଣୁ ଏଭଳି ପକ୍ଷପାତିତାକୁ ନେଇ ଫେବୃଆରୀ ୧୬ରେ ଦେଶବ୍ୟାପୀ ଧର୍ମଘଟ କରାଯିବ।

-ହରପ୍ରିୟା ସ୍ୱାଇଁ,ସାଧାରଣ ସମ୍ପାଦକ, ନିଖିଳ ଓଡ଼ିଶା ଅଙ୍ଗନୱାଡି କର୍ମୀ ସଂଘ
କର୍ପୋରେଟ ସପକ୍ଷବାଦୀ ବଜେଟ

ଅନ୍ତରୀଣ କେନ୍ଦ୍ର ବଜେଟରେ କୃଷି, ଗ୍ରାମୀଣ ବିକାଶ, ଖାଦ୍ୟ ସୁରକ୍ଷା, ଏମ୍‌ଜିଏନ୍‌ଆର୍‌ଇଜିଏସ୍ ଏବଂ ଗ୍ରାମୀଣ ଋଣ ପ୍ରଦାନ କ୍ଷେତ୍ର ପାଇଁ ମିଳିଥିବା ଅନୁଦାନ ଅତି ନୈରାଶ୍ୟଜନକ। ପ୍ରଧାନମନ୍ତ୍ରୀ କୃଷକ ସମ୍ପଦ ଯୋଜନା, ମଣ୍ଡିକୁ ଜାତୀୟ ଡିଜିଟାଲ ବଜାର ସହିତ ସଂଯୋଗ, ଦୁଗ୍ଧଚାଷୀଙ୍କୁ ପ୍ରୋତ୍ସାହନ ପାଇଁ ଘୋଷଣା, ପିଏମ୍ କିଷାନ ଯୋଜନା, ପ୍ରଧାନମନ୍ତ୍ରୀ ଫସଲ ବୀମା ଯୋଜନା ଇତ୍ୟାଦି ପାଇଁ ହୋଇଥିବା ଅର୍ଥ ଅନୁଦାନ ଘୋଷଣା କେବଳ ଫମ୍ପା ଶବ୍ଦ। ଏପରିକି ଏହି ବଜେଟ ବେକାର ଯୁବକ-ଯୁବତୀମାନଙ୍କୁ ସମ୍ପୂର୍ଣ୍ଣରୂପେ ହତାଶ କରିଛି। ଏହା ଏକ କର୍ପୋରେଟ ସପକ୍ଷବାଦୀ, ଚାଷୀ ଏବଂ ଗରିବ ଜନସାଧାରଣଙ୍କ ବିରୋଧୀ ବଜେଟ।

-ସୁରେଶ ପାଣିଗ୍ରାହୀ, ସାଧାରଣ ସମ୍ପାଦକ, ଓଡ଼ିଶା କୃଷକ ସଭା
କ୍ରୀଡ଼ାକୁ ଗୁରୁତ୍ୱ, ଶିକ୍ଷାକ୍ଷେତ୍ରକୁ ନିରାଶ କରିଛି

ନିର୍ବାଚନକୁ ଦୃଷ୍ଟିରେ ରଖି ଟିକସ ସ୍ଲାବ୍ ହ୍ରାସ ଆଶା କରାଯାଉଥିଲା। କିନ୍ତୁ ତାହା ବଦଳରେ ଭିତ୍ତିଭୂମି ବିକାଶ, ଦୀର୍ଘକାଳୀନ ସୁଧମୁକ୍ତ ଋଣ ଦେଇ ପର୍ଯ୍ୟଟନସ୍ଥଳର ବିକାଶକୁ ଗୁରୁତ୍ୱ ଦିଆଯାଇଛି। ସ୍କିଲ୍ ଇଣ୍ଡିଆ ଯୋଜନାରେ ୩ହଜାର ଆଇ.ଟି.ଆଇ ଶିକ୍ଷାକେନ୍ଦ୍ର ଖୋଲିବା ଯୋଜନା ଯୁବଗୋଷ୍ଠୀକୁ ତାଲିମ୍, କ୍ରୀଡା କ୍ଷେତ୍ରରେ ବଜେଟ୍ ବୃଦ୍ଧି କରିବା ସହ କ୍ରୀଡାବିତ୍‌ଙ୍କ ମନୋବଳକୁ ବଢାଯାଇଛି। ମାତ୍ର ଶିକ୍ଷାକ୍ଷେତ୍ର ପାଇଁ ନୂତନ ଯୋଜନା ନ ଥିବା ସମସ୍ତଙ୍କୁ ନିରାଶ କରିଛି। ଶିକ୍ଷାକୁ ସାରା ବିଶ୍ୱସ୍ତରୀୟ କରିବାକୁ ପୂର୍ବ ବଜେଟ୍‌ରେ ଦିଆଯାଇଥିବା ସ୍ୱପ୍ନକୁ ନୂତନ ବଜେଟ୍‌ରେ ଅଣଦେଖା କରିବା ସମସ୍ତଙ୍କୁ ବ୍ୟଥିତ କରିଛି।

-ଶରତ କୁମାର କର, ଶିକ୍ଷାବିତ୍
ଦୂରଦୃଷ୍ଟି ସମ୍ପନ୍ନ ବଜେଟ

କେନ୍ଦ୍ର ସରକାରଙ୍କ ଦ୍ୱାରା ଉପସ୍ଥାପନ କରାଯାଇଥିବା ବଜେଟ୍ ଏକ ଦୂରଦୃଷ୍ଟି ସମ୍ପନ୍ନ ବଜେଟ୍। ଏହି ବଜେଟ୍‌ରେ ରେଲୱେ, ପର୍ଯ୍ୟଟନ, ଉର୍ଜା କ୍ଷେତ୍ରରେ ଭିତ୍ତିଭୂମିର ବିକାଶ ପାଇଁ ଗୁରୁତ୍ୱ ଦିଆଯିବା ସହ ମହିଳା ଓ ଚାଷୀମାନଙ୍କୁ ପ୍ରାଧାନ୍ୟ ଦିଆଯାଇଛି। ମଧ୍ୟବିତ୍ତ ଶ୍ରେଣୀ ତଥା ଦରମା ପାଉଥିବା ଲୋକଙ୍କ ପାଇଁ କିଛି ପରିବର୍ତ୍ତନ ହୋଇନାହିଁ। ଟିକସ କ୍ଷେତ୍ରରେ ବିଶେଷ କିଛି ପରିବର୍ତ୍ତନ ହୋଇ ନ ଥିବାରୁ ବଜାର ଦରଦାମ୍ ଏତେଶୀଘ୍ର କମିବ ବୋଲି ଆଶା କରାଯାଉ ନାହିଁ। ଏହି ବଜେଟ୍‌ରୁ ଆଗକୁ ସୁଫଳ ମିଳିବ ବୋଲି ଆଶା କରାଯାଉଛି।

-ଡ. ପ୍ରତାପ ସାହୁ, ଆସିଷ୍ଟାଣ୍ଟ ପ୍ରଫେସର, ବାଣିଜ୍ୟ ବିଭାଗ, ଭଦ୍ରକ କଲେଜ
ମହିଳା ସଶକ୍ତୀକରଣ ଉପରେ ଗୁରୁତ୍ୱ

ଅନ୍ତରୀଣ ବଜେଟରେ ଶିକ୍ଷା, ସ୍ୱାସ୍ଥ୍ୟ ଏବଂ ମହିଳା ସଶକ୍ତୀକରଣ ଉପରେ ଗୁରୁତ୍ୱ ଦିଆଯାଇଛି। ଏହି ବଜେଟରେ ୧ କୋଟି ମହିଳାଙ୍କୁ ସଶକ୍ତ ଏବଂ ରୋଜଗାରକ୍ଷମ ସହ ଲକ୍ଷପତି ଦିଦି ନାମରେ ନାମିତ କରାଯାଇଛି। ଆଗାମୀ ବର୍ଷରେ ୩କୋଟି ମହିଳାଙ୍କୁ ସଶକ୍ତ କରାଇବାର ଯୋଜନା ରହିଛି। ଏହି ସ୍କିମ ଅନ୍ତର୍ଗତ ମହିଳାଙ୍କୁ ବିନା ସୁଧରେ ଋଣ ପ୍ରଦାନ କରାଯିବ। ଏହା ଦ୍ୱାରା ମହିଳାମାନେ ଆର୍ଥିକ ସ୍ୱାବଲମ୍ବୀ ହୋଇପାରିବେ।

-ପ୍ରବୀଣା ପଟ୍ଟନାୟକ, ଅଧ୍ୟାପିକା, କ୍ଷେତ୍ରବାସୀ ଡିଏଭି କଲେଜ ନିରାକାରପୁର
ନିରାଶ କରିଛି ପିଏମ୍ କିଷାନ ଯୋଜନା

ଅନ୍ତରୀଣ ବଜେଟରେ ପ୍ରଧାନମନ୍ତ୍ରୀ କିଷାନ ଯୋଜନାକୁ ନେଇ ସେଭଳି କୌଣସି ଘୋଷଣା ହୋଇନାହିଁ। ଫଳରେ ହିତାଧିକାରୀଙ୍କୁ ନିରାଶ କରିଛି। ଗତ ୫ବର୍ଷ ତଳେ ଏହି ଯୋଜନା ଲାଗୁ କରାଯାଇଥିଲା। ଏହା ଦ୍ୱାରା ଦେଶରେ ୯ କୋଟି କ୍ଷୁଦ୍ର ଚାଷୀ ଏହି ଯୋଜନାରୁ ଲାଭ ପାଉଥିବା ବେଳେ ପ୍ରତିବର୍ଷ ୩ କିସ୍ତିରେ ୬ହଜାର ଟଙ୍କା ସହାୟତା ପାଉଛନ୍ତି। ଚଳିତ ବଜେଟରେ ହିତାଧିକାରୀଙ୍କ ପାଇଁ ସହାୟତା ରାଶି ବୃଦ୍ଧି କରାଯାଇନାହିଁ।

-କାଶୀନାଥ ପ୍ରଧାନ, ଚାଷୀ, ଉଇଲକିଶନ ନଗର ଖୋର୍ଦ୍ଧା
କର ବ୍ୟବସ୍ଥାରେ କୌଣସି ନିରୂପଣ କରାଯାଇ ନାହିଁ

ଅନ୍ତରୀଣ କେନ୍ଦ୍ର ବଜେଟ ୨୦୨୪-୨୫କୁ ଦୁଇଟି କାରଣ ପାଇଁ ସ୍ୱାଗତ କରୁଛି। ପ୍ରଥମ, କୋଭିଡ୍ ପରବର୍ତ୍ତୀ ବିତ୍ତୀୟ ସ୍ଥିତିରେ ସୁଧାର ଚାଲୁଥିବାବେଳେ କୌଣସି ଲୋଭନୀୟ ଘୋଷଣା କରି ରାଜକୋଷୀୟ ସ୍ଥିତିକୁ ବିଗାଡ଼ିବା ଅପପ୍ରୟାସ ହୋଇନାହିଁ। ଦ୍ୱିତୀୟତଃ, କର ବ୍ୟବସ୍ଥାରେ କୌଣସି ବିରୂପଣ କରା ନ ଯାଇ ଆଗାମୀ ସରକାରଙ୍କୁ ପୂର୍ଣ୍ଣ ବଜେଟରେ ସମୟୋଚିତ ବ୍ୟବସ୍ଥା କରିବା ପାଇଁ ଅବସର ଦିଆଯାଇଛି।

-ଡ. ଚିତ୍ତରଞ୍ଜନ ନାୟକ, ଅର୍ଥଶାସ୍ତ୍ର ପ୍ରଫେସର, ଗୁରୁ ଘାସିଦାସ କେନ୍ଦ୍ରୀୟ ବିଶ୍ୱବିଦ୍ୟାଳୟ, ବିଳାସପୁର
ନାବାଳିକାଙ୍କୁ ମାଗଣା ଗର୍ଭାଶୟ କର୍କଟ ଟିକା ସ୍ୱାଗତଯୋଗ୍ୟ

ଗର୍ଭାଶୟ କର୍କଟ ରୋକିବା ପାଇଁ ୯ରୁ ୧୪ ବର୍ଷର ନାବାଳିକାଙ୍କୁ ଟିକାକରଣ ଆରମ୍ଭ ହେବ। ସରକାର ସଚେତନ ହୋଇ ବଜେଟ୍‌ରେ ଏଥିପାଇଁ ପଦକ୍ଷେପ ନେବା ସ୍ୱାଗତଯୋଗ୍ୟ। ମହିଳାମାନଙ୍କ କ୍ଷେତ୍ରରେ ଗର୍ଭାଶୟ, ସ୍ତନ କର୍କଟ ଅଧିକ ଦେଖାଯାଇଥାଏ। ମୂଳରୁ ଏହାକୁ ରୋକିବା ପାଇଁ ସମସ୍ତେ ସଚେତନ ନ ଥାନ୍ତି। ଭାରତ ବାୟୋଟେକ୍ ପକ୍ଷରୁ ମିଳୁଥିବା ଟିକା (୩ଡୋଜ୍)ର ଦାମ୍ ୪ ହଜାରରୁ ଅଧିକ। ଆର୍ଥିକ ଦୃଷ୍ଟିରୁ ଅନେକେ ଏହି ଟିକା ଆଗୁଆ ନେଇ ପାରି ନ ଥାନ୍ତି। ସେହିଭଳି ଅନେକ ମଧ୍ୟ ଭୟରେ ଇଗ୍‌ନୋର କରନ୍ତି। ତେଣୁ ମାଗଣା ଟିକା ଏମାନଙ୍କ ପାଇଁ ବେଶ୍ ସହାୟକ ହେବ।

-ସ୍ୱାଗତିକା ଆଚାର୍ଯ୍ୟ, କ୍ୟାନ୍‌ସର ବିଜୟିନୀ
ନୂତନତ୍ୱ ବିହୀନ ବଜେଟ୍

ବଜେଟ୍‌ରେ ଆର୍ଥିକ ଅଭିବୃଦ୍ଧି ଓ ବିକାଶ ଦିଗରେ ସମତୁଲ ବଜାୟ ରଖାଯାଇନାହିଁ ବୋଲି ମନେ ହେଉଛି। ପୁନଶ୍ଚ ବେକାରୀ ଓ ମୂଲ୍ୟବୃଦ୍ଧି ସମ୍ପ୍ରତି ଦେଶର ପ୍ରମୁଖ ସମସ୍ୟା ହୋଇଥିବାବେଳେ ଏହାର ନିରାକରଣ ପାଇଁ ବଜେଟ୍‌ରେ କୌଣସି ନିର୍ଦ୍ଦିଷ୍ଟ ପ୍ରସ୍ତାବ ନାହିଁ। କୌଣସି ନୂତନ ଆର୍ଥିକ ପ୍ରସ୍ତାବନା ସନ୍ନିବେଶିତ ହୋଇ ନ ଥିବା ପରି ମନେହେଉଛି। ସମସ୍ୟା ଜର୍ଜରିତ କୃଷିକ୍ଷେତ୍ର ସାଙ୍ଗକୁ କୃଷକଙ୍କ ସମସ୍ୟା ଉପରେ ମଧ୍ୟ ବଜେଟ୍‌ରେ କିଛି ଉଲ୍ଲେଖ ନାହିଁ। ମହିଳାଙ୍କ ପ୍ରଗତି ସକାଶେ ମଧ୍ୟ ବଜେଟ୍‌ରେ ବିଶେଷ ଧ୍ୟାନ ଦିଆଯାଇ ନାହିଁ କହିଲେ ଚଳେ।

-ସତ୍ୟନାରାୟଣ ପାଢ଼ୀ, ଶିକ୍ଷାବିତ୍, ବରଗଡ଼
୧୦
